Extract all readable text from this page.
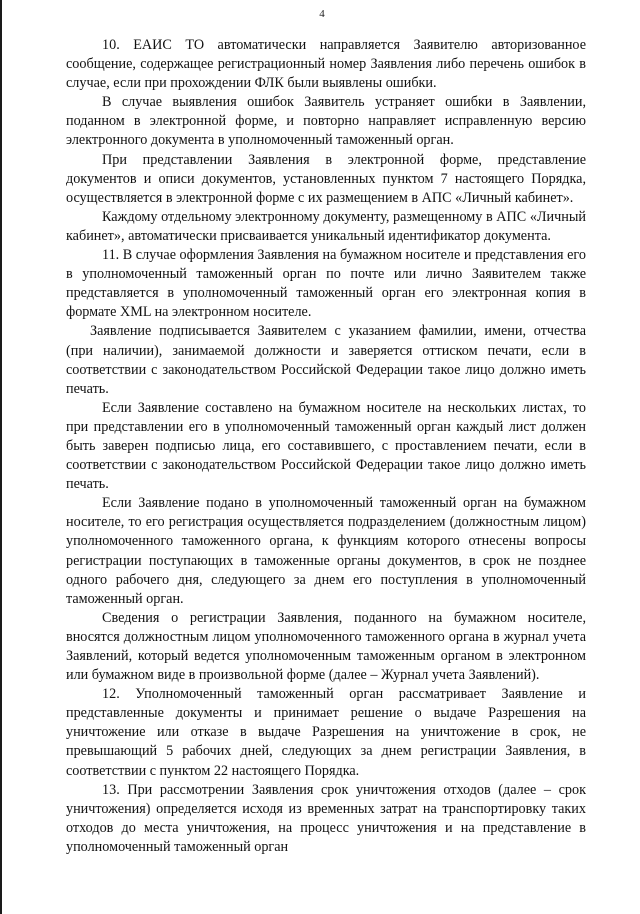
4

10. ЕАИС ТО автоматически направляется Заявителю авторизованное сообщение, содержащее регистрационный номер Заявления либо перечень ошибок в случае, если при прохождении ФЛК были выявлены ошибки.

В случае выявления ошибок Заявитель устраняет ошибки в Заявлении, поданном в электронной форме, и повторно направляет исправленную версию электронного документа в уполномоченный таможенный орган.

При представлении Заявления в электронной форме, представление документов и описи документов, установленных пунктом 7 настоящего Порядка, осуществляется в электронной форме с их размещением в АПС «Личный кабинет».

Каждому отдельному электронному документу, размещенному в АПС «Личный кабинет», автоматически присваивается уникальный идентификатор документа.

11. В случае оформления Заявления на бумажном носителе и представления его в уполномоченный таможенный орган по почте или лично Заявителем также представляется в уполномоченный таможенный орган его электронная копия в формате XML на электронном носителе.

Заявление подписывается Заявителем с указанием фамилии, имени, отчества (при наличии), занимаемой должности и заверяется оттиском печати, если в соответствии с законодательством Российской Федерации такое лицо должно иметь печать.

Если Заявление составлено на бумажном носителе на нескольких листах, то при представлении его в уполномоченный таможенный орган каждый лист должен быть заверен подписью лица, его составившего, с проставлением печати, если в соответствии с законодательством Российской Федерации такое лицо должно иметь печать.

Если Заявление подано в уполномоченный таможенный орган на бумажном носителе, то его регистрация осуществляется подразделением (должностным лицом) уполномоченного таможенного органа, к функциям которого отнесены вопросы регистрации поступающих в таможенные органы документов, в срок не позднее одного рабочего дня, следующего за днем его поступления в уполномоченный таможенный орган.

Сведения о регистрации Заявления, поданного на бумажном носителе, вносятся должностным лицом уполномоченного таможенного органа в журнал учета Заявлений, который ведется уполномоченным таможенным органом в электронном или бумажном виде в произвольной форме (далее – Журнал учета Заявлений).

12. Уполномоченный таможенный орган рассматривает Заявление и представленные документы и принимает решение о выдаче Разрешения на уничтожение или отказе в выдаче Разрешения на уничтожение в срок, не превышающий 5 рабочих дней, следующих за днем регистрации Заявления, в соответствии с пунктом 22 настоящего Порядка.

13. При рассмотрении Заявления срок уничтожения отходов (далее – срок уничтожения) определяется исходя из временных затрат на транспортировку таких отходов до места уничтожения, на процесс уничтожения и на представление в уполномоченный таможенный орган
